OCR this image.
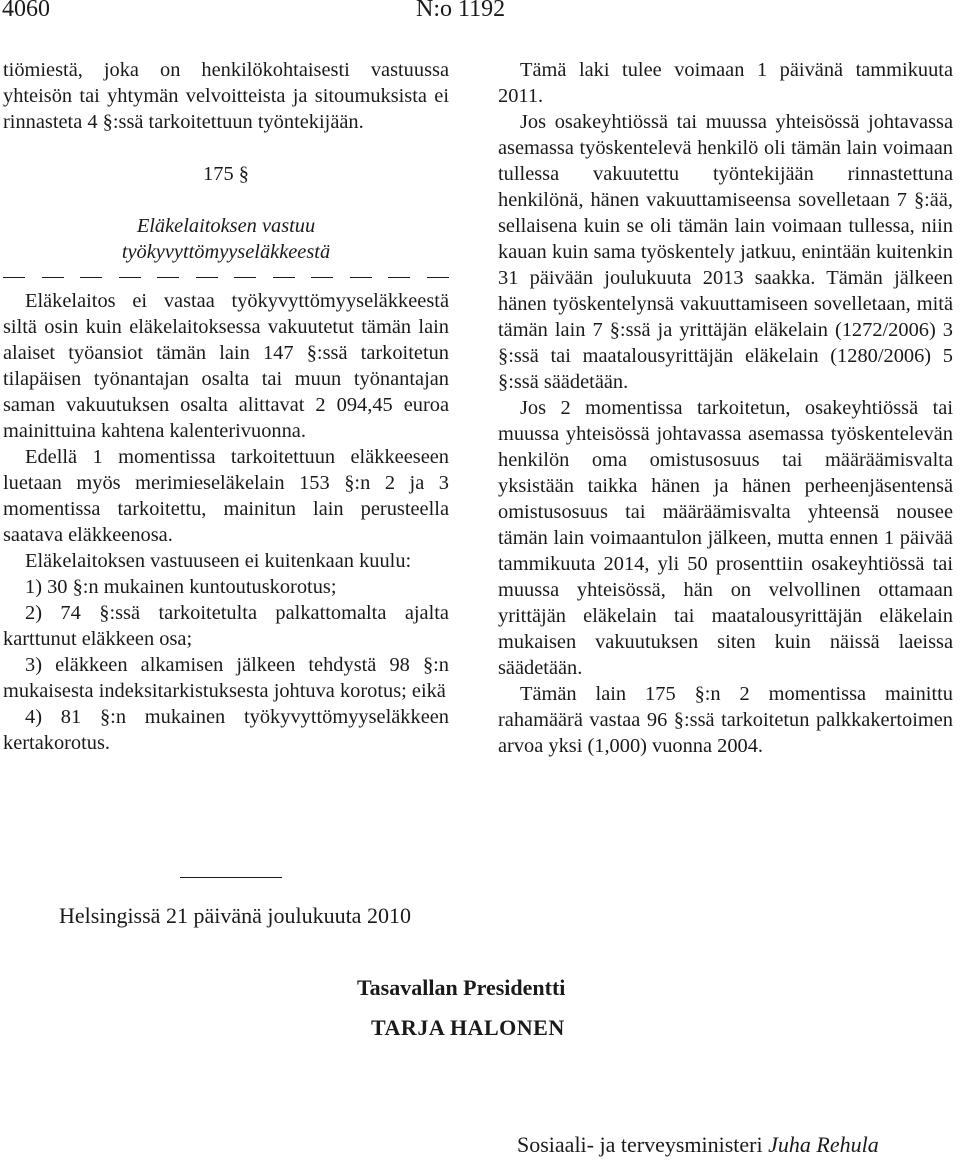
4060	N:o 1192

tiömiestä, joka on henkilökohtaisesti vastuussa yhteisön tai yhtymän velvoitteista ja sitoumuksista ei rinnasteta 4 §:ssä tarkoitettuun työntekijään.

175 §

Eläkelaitoksen vastuu

työkyvyttömyyseläkkeestä

Eläkelaitos ei vastaa työkyvyttömyyseläkkeestä siltä osin kuin eläkelaitoksessa vakuutetut tämän lain alaiset työansiot tämän lain 147 §:ssä tarkoitetun tilapäisen työnantajan osalta tai muun työnantajan saman vakuutuksen osalta alittavat 2 094,45 euroa mainittuina kahtena kalenterivuonna.

Edellä 1 momentissa tarkoitettuun eläkkeeseen luetaan myös merimieseläkelain 153 §:n 2 ja 3 momentissa tarkoitettu, mainitun lain perusteella saatava eläkkeenosa.

Eläkelaitoksen vastuuseen ei kuitenkaan kuulu:

1) 30 §:n mukainen kuntoutuskorotus;

2) 74 §:ssä tarkoitetulta palkattomalta ajalta karttunut eläkkeen osa;

3) eläkkeen alkamisen jälkeen tehdystä 98 §:n mukaisesta indeksitarkistuksesta johtuva korotus; eikä

4) 81 §:n mukainen työkyvyttömyyseläkkeen kertakorotus.

Tämä laki tulee voimaan 1 päivänä tammikuuta 2011.

Jos osakeyhtiössä tai muussa yhteisössä johtavassa asemassa työskentelevä henkilö oli tämän lain voimaan tullessa vakuutettu työntekijään rinnastettuna henkilönä, hänen vakuuttamiseensa sovelletaan 7 §:ää, sellaisena kuin se oli tämän lain voimaan tullessa, niin kauan kuin sama työskentely jatkuu, enintään kuitenkin 31 päivään joulukuuta 2013 saakka. Tämän jälkeen hänen työskentelynsä vakuuttamiseen sovelletaan, mitä tämän lain 7 §:ssä ja yrittäjän eläkelain (1272/2006) 3 §:ssä tai maatalousyrittäjän eläkelain (1280/2006) 5 §:ssä säädetään.

Jos 2 momentissa tarkoitetun, osakeyhtiössä tai muussa yhteisössä johtavassa asemassa työskentelevän henkilön oma omistusosuus tai määräämisvalta yksistään taikka hänen ja hänen perheenjäsentensä omistusosuus tai määräämisvalta yhteensä nousee tämän lain voimaantulon jälkeen, mutta ennen 1 päivää tammikuuta 2014, yli 50 prosenttiin osakeyhtiössä tai muussa yhteisössä, hän on velvollinen ottamaan yrittäjän eläkelain tai maatalousyrittäjän eläkelain mukaisen vakuutuksen siten kuin näissä laeissa säädetään.

Tämän lain 175 §:n 2 momentissa mainittu rahamäärä vastaa 96 §:ssä tarkoitetun palkkakertoimen arvoa yksi (1,000) vuonna 2004.

Helsingissä 21 päivänä joulukuuta 2010
Tasavallan Presidentti
TARJA HALONEN
Sosiaali- ja terveysministeri Juha Rehula
